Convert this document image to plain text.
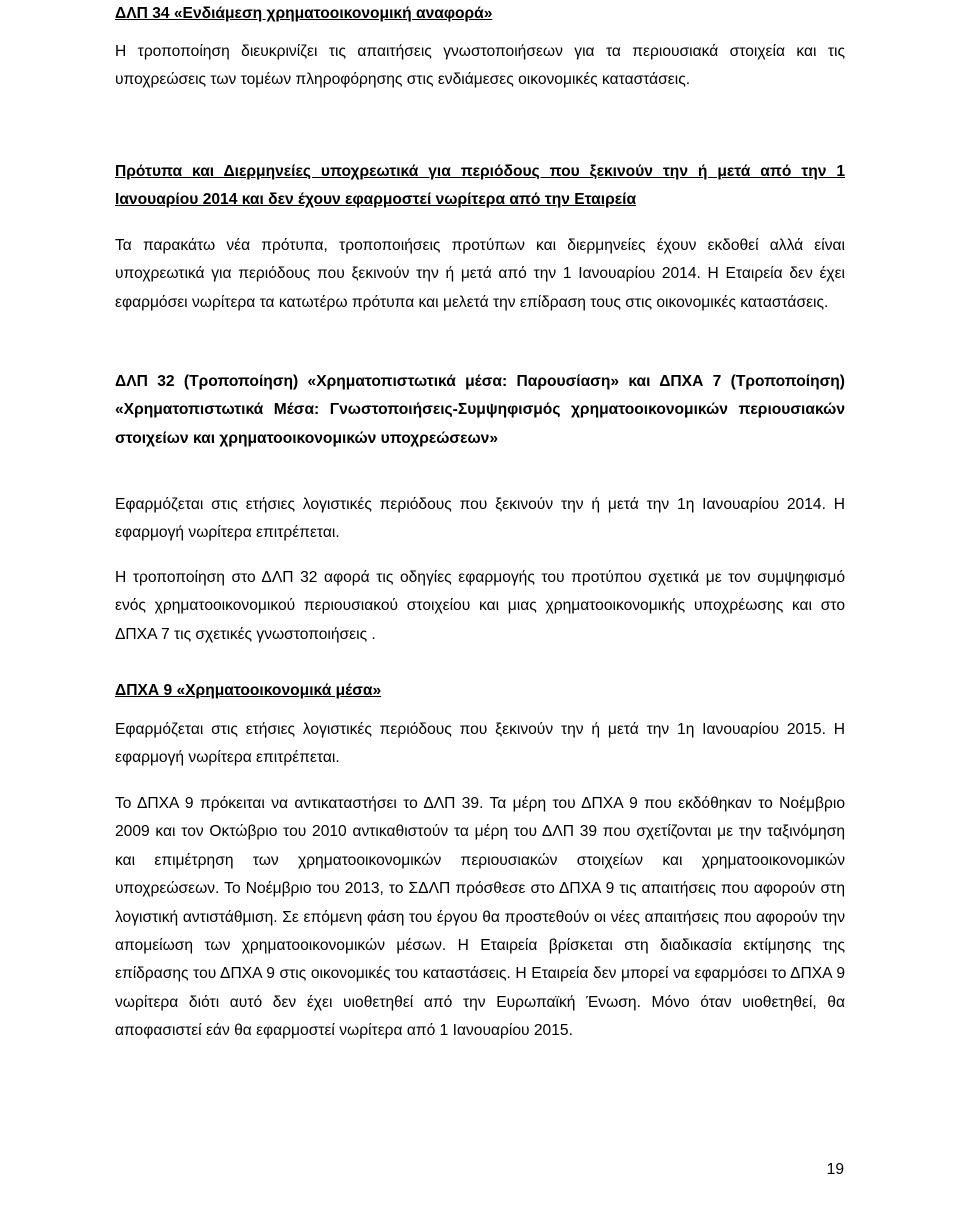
ΔΛΠ 34 «Ενδιάμεση χρηματοοικονομική αναφορά»
Η τροποποίηση διευκρινίζει τις απαιτήσεις γνωστοποιήσεων για τα περιουσιακά στοιχεία και τις υποχρεώσεις των τομέων πληροφόρησης στις ενδιάμεσες οικονομικές καταστάσεις.
Πρότυπα και Διερμηνείες υποχρεωτικά για περιόδους που ξεκινούν την ή μετά από την 1 Ιανουαρίου 2014 και δεν έχουν εφαρμοστεί νωρίτερα από την Εταιρεία
Τα παρακάτω νέα πρότυπα, τροποποιήσεις προτύπων και διερμηνείες έχουν εκδοθεί αλλά είναι υποχρεωτικά για περιόδους που ξεκινούν την ή μετά από την 1 Ιανουαρίου 2014. Η Εταιρεία δεν έχει εφαρμόσει νωρίτερα τα κατωτέρω πρότυπα και μελετά την επίδραση τους στις οικονομικές καταστάσεις.
ΔΛΠ 32 (Τροποποίηση) «Χρηματοπιστωτικά μέσα: Παρουσίαση» και ΔΠΧΑ 7 (Τροποποίηση) «Χρηματοπιστωτικά Μέσα: Γνωστοποιήσεις-Συμψηφισμός χρηματοοικονομικών περιουσιακών στοιχείων και χρηματοοικονομικών υποχρεώσεων»
Εφαρμόζεται στις ετήσιες λογιστικές περιόδους που ξεκινούν την ή μετά την 1η Ιανουαρίου 2014. Η εφαρμογή νωρίτερα επιτρέπεται.
Η τροποποίηση στο ΔΛΠ 32 αφορά τις οδηγίες εφαρμογής του προτύπου σχετικά με τον συμψηφισμό ενός χρηματοοικονομικού περιουσιακού στοιχείου και μιας χρηματοοικονομικής υποχρέωσης και στο ΔΠΧΑ 7 τις σχετικές γνωστοποιήσεις .
ΔΠΧΑ 9 «Χρηματοοικονομικά μέσα»
Εφαρμόζεται στις ετήσιες λογιστικές περιόδους που ξεκινούν την ή μετά την 1η Ιανουαρίου 2015. Η εφαρμογή νωρίτερα επιτρέπεται.
Το ΔΠΧΑ 9 πρόκειται να αντικαταστήσει το ΔΛΠ 39. Τα μέρη του ΔΠΧΑ 9 που εκδόθηκαν το Νοέμβριο 2009 και τον Οκτώβριο του 2010 αντικαθιστούν τα μέρη του ΔΛΠ 39 που σχετίζονται με την ταξινόμηση και επιμέτρηση των χρηματοοικονομικών περιουσιακών στοιχείων και χρηματοοικονομικών υποχρεώσεων. Το Νοέμβριο του 2013, το ΣΔΛΠ πρόσθεσε στο ΔΠΧΑ 9 τις απαιτήσεις που αφορούν στη λογιστική αντιστάθμιση. Σε επόμενη φάση του έργου θα προστεθούν οι νέες απαιτήσεις που αφορούν την απομείωση των χρηματοοικονομικών μέσων. Η Εταιρεία βρίσκεται στη διαδικασία εκτίμησης της επίδρασης του ΔΠΧΑ 9 στις οικονομικές του καταστάσεις. Η Εταιρεία δεν μπορεί να εφαρμόσει το ΔΠΧΑ 9 νωρίτερα διότι αυτό δεν έχει υιοθετηθεί από την Ευρωπαϊκή Ένωση. Μόνο όταν υιοθετηθεί, θα αποφασιστεί εάν θα εφαρμοστεί νωρίτερα από 1 Ιανουαρίου 2015.
19
